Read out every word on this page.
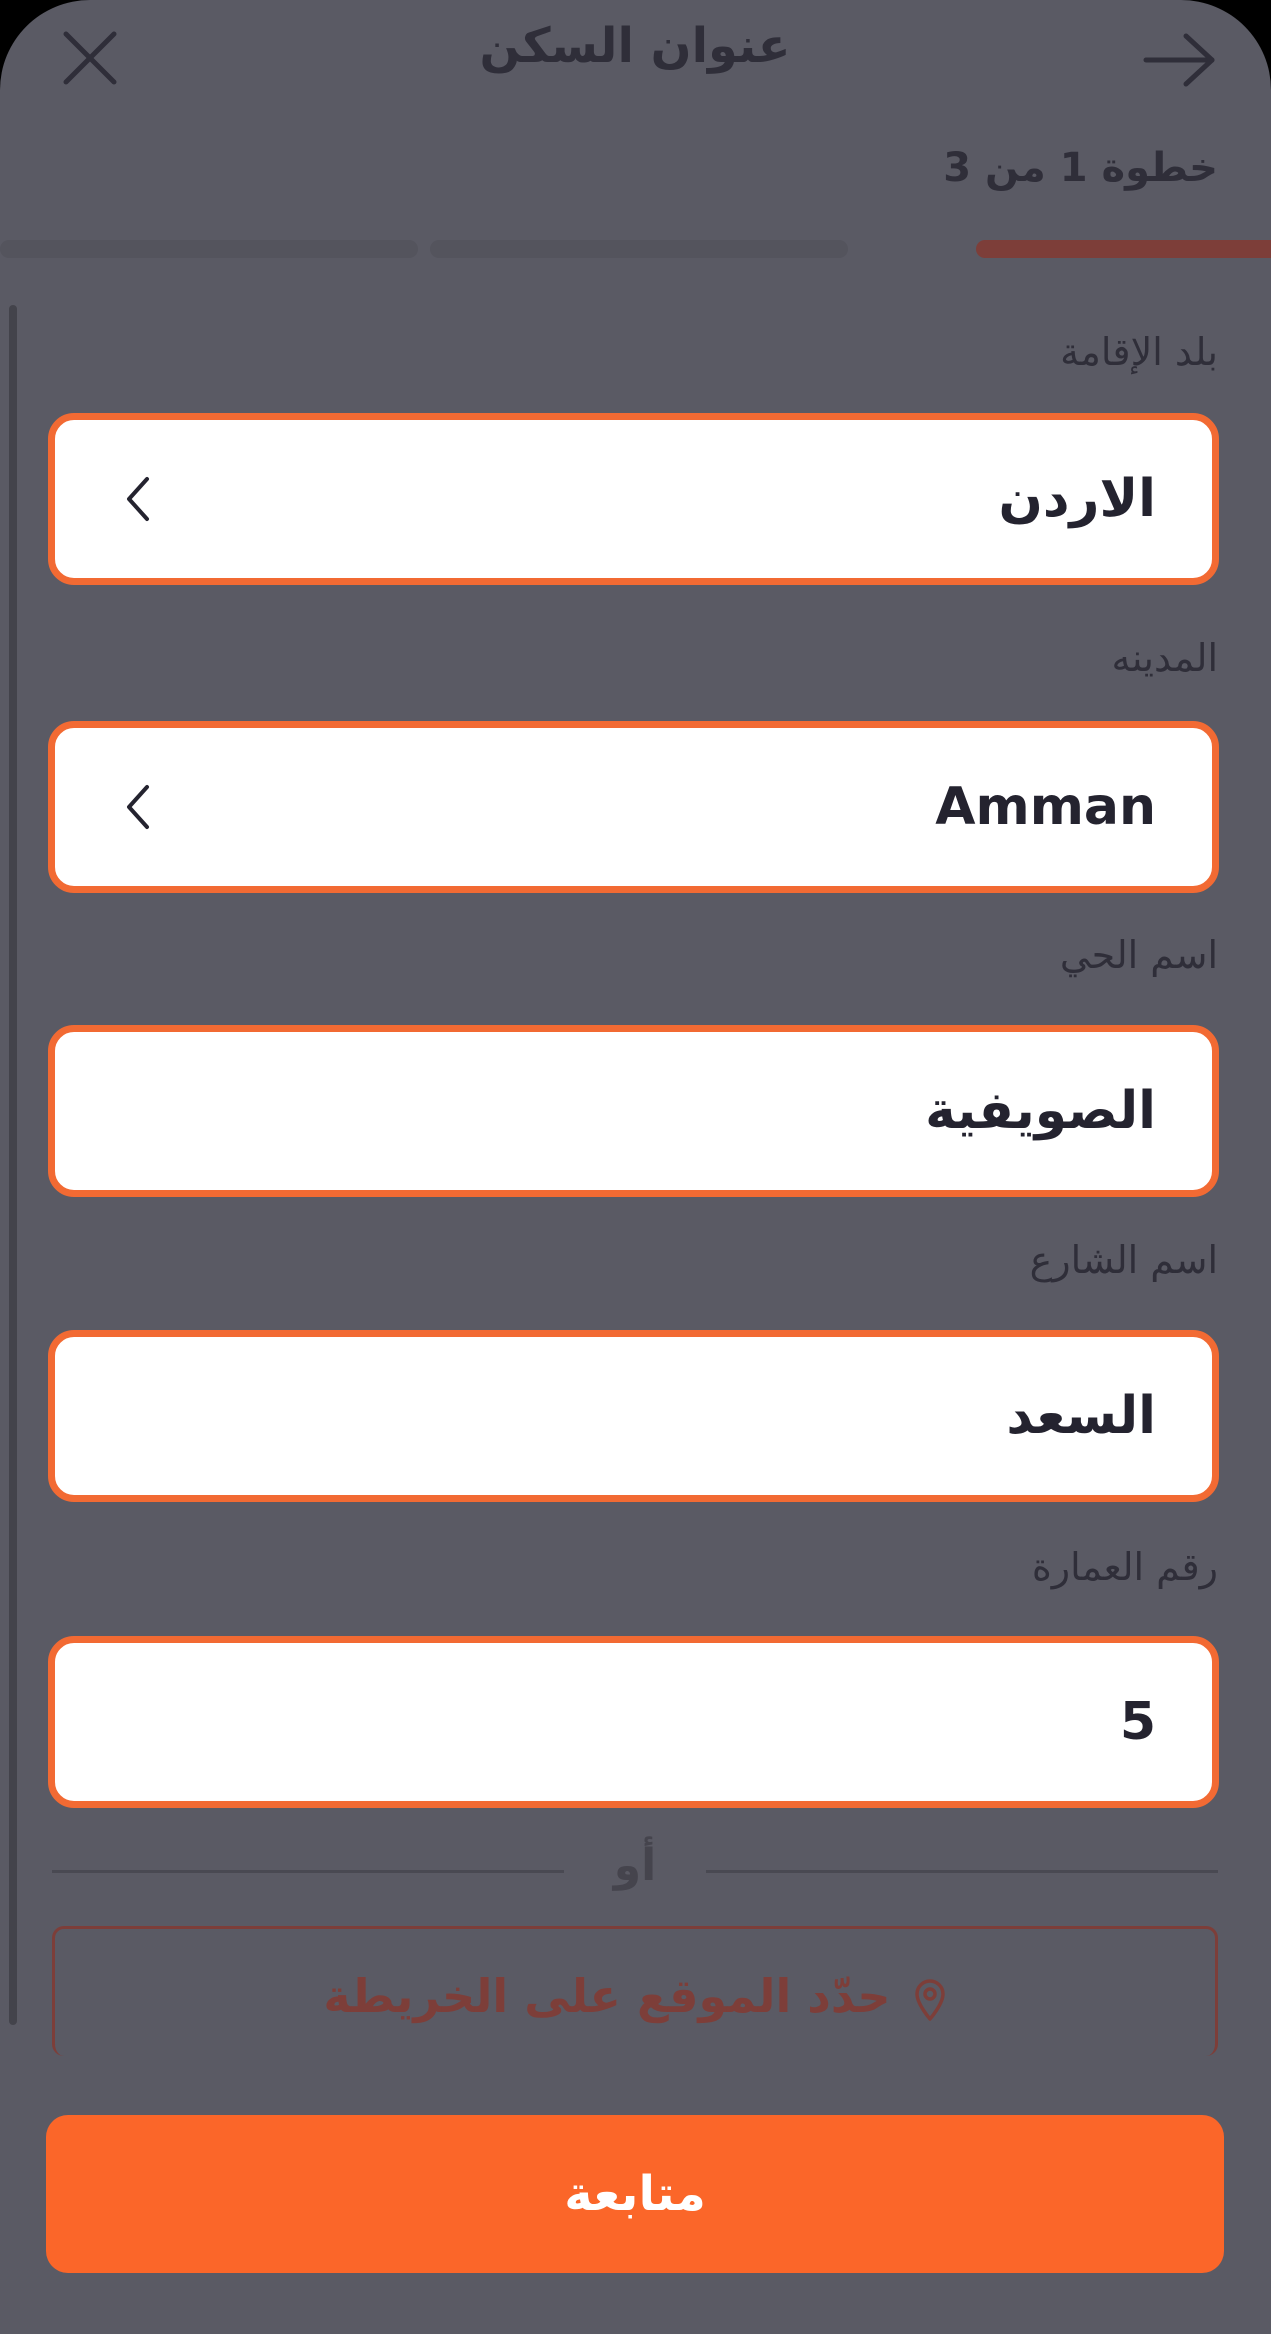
عنوان السكن
خطوة 1 من 3
بلد الإقامة
الاردن
المدينه
Amman
اسم الحي
الصويفية
اسم الشارع
السعد
رقم العمارة
5
أو
حدّد الموقع على الخريطة
متابعة
